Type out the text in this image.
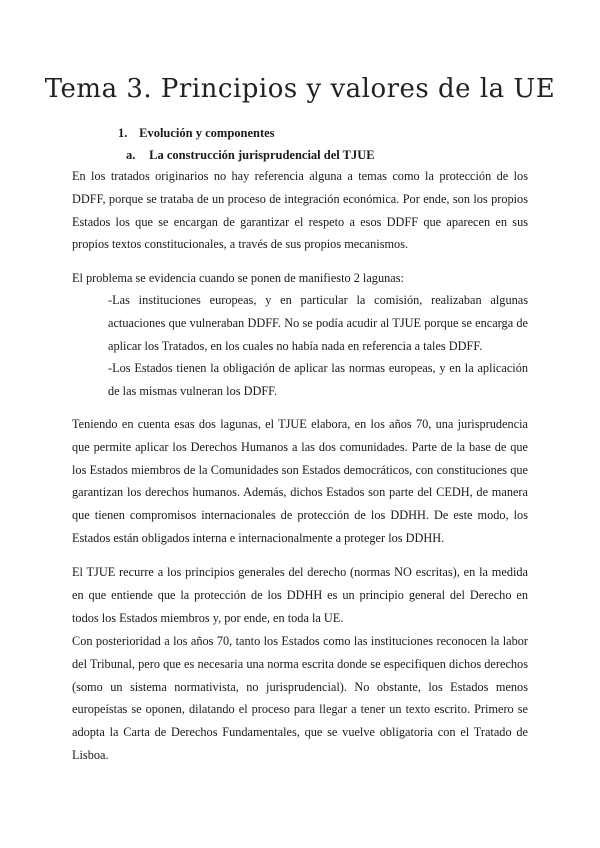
Tema 3. Principios y valores de la UE
1. Evolución y componentes
a. La construcción jurisprudencial del TJUE

En los tratados originarios no hay referencia alguna a temas como la protección de los DDFF, porque se trataba de un proceso de integración económica. Por ende, son los propios Estados los que se encargan de garantizar el respeto a esos DDFF que aparecen en sus propios textos constitucionales, a través de sus propios mecanismos.

El problema se evidencia cuando se ponen de manifiesto 2 lagunas:

-Las instituciones europeas, y en particular la comisión, realizaban algunas actuaciones que vulneraban DDFF. No se podía acudir al TJUE porque se encarga de aplicar los Tratados, en los cuales no había nada en referencia a tales DDFF.

-Los Estados tienen la obligación de aplicar las normas europeas, y en la aplicación de las mismas vulneran los DDFF.

Teniendo en cuenta esas dos lagunas, el TJUE elabora, en los años 70, una jurisprudencia que permite aplicar los Derechos Humanos a las dos comunidades. Parte de la base de que los Estados miembros de la Comunidades son Estados democráticos, con constituciones que garantizan los derechos humanos. Además, dichos Estados son parte del CEDH, de manera que tienen compromisos internacionales de protección de los DDHH. De este modo, los Estados están obligados interna e internacionalmente a proteger los DDHH.

El TJUE recurre a los principios generales del derecho (normas NO escritas), en la medida en que entiende que la protección de los DDHH es un principio general del Derecho en todos los Estados miembros y, por ende, en toda la UE.

Con posterioridad a los años 70, tanto los Estados como las instituciones reconocen la labor del Tribunal, pero que es necesaria una norma escrita donde se especifiquen dichos derechos (somo un sistema normativista, no jurisprudencial). No obstante, los Estados menos europeístas se oponen, dilatando el proceso para llegar a tener un texto escrito. Primero se adopta la Carta de Derechos Fundamentales, que se vuelve obligatoria con el Tratado de Lisboa.
